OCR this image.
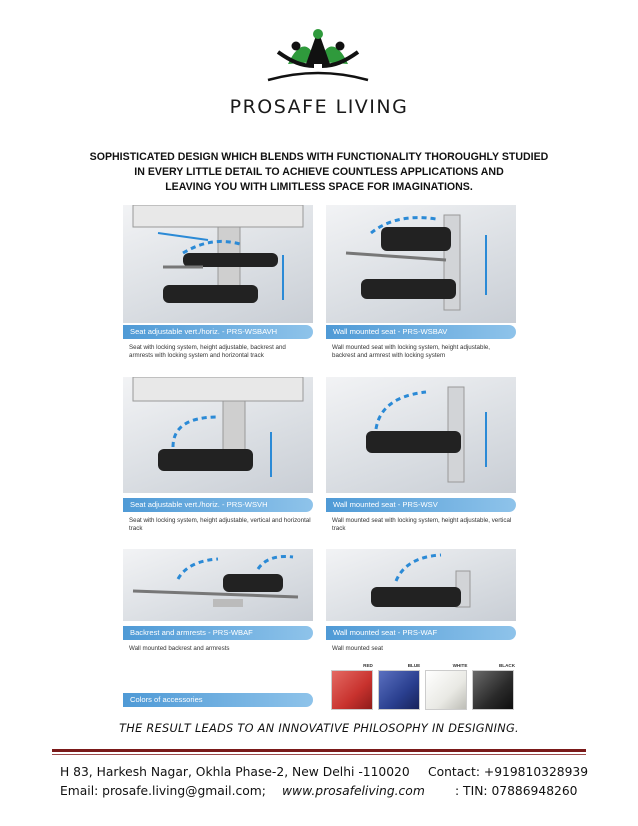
PROSAFE LIVING
SOPHISTICATED DESIGN WHICH BLENDS WITH FUNCTIONALITY THOROUGHLY STUDIED
IN EVERY LITTLE DETAIL TO ACHIEVE COUNTLESS APPLICATIONS AND
LEAVING YOU WITH LIMITLESS SPACE FOR IMAGINATIONS.
Seat adjustable vert./horiz. - PRS-WSBAVH
Seat with locking system, height adjustable, backrest and armrests with locking system and horizontal track
Wall mounted seat - PRS-WSBAV
Wall mounted seat with locking system, height adjustable, backrest and armrest with locking system
Seat adjustable vert./horiz. - PRS-WSVH
Seat with locking system, height adjustable, vertical and horizontal track
Wall mounted seat - PRS-WSV
Wall mounted seat with locking system, height adjustable, vertical track
Backrest and armrests - PRS-WBAF
Wall mounted backrest and armrests
Wall mounted seat - PRS-WAF
Wall mounted seat
Colors of accessories
RED	BLUE	WHITE	BLACK
THE RESULT LEADS TO AN INNOVATIVE PHILOSOPHY IN DESIGNING.
H 83, Harkesh Nagar, Okhla Phase-2, New Delhi -110020 Contact: +919810328939
Email: prosafe.living@gmail.com; www.prosafeliving.com : TIN: 07886948260
